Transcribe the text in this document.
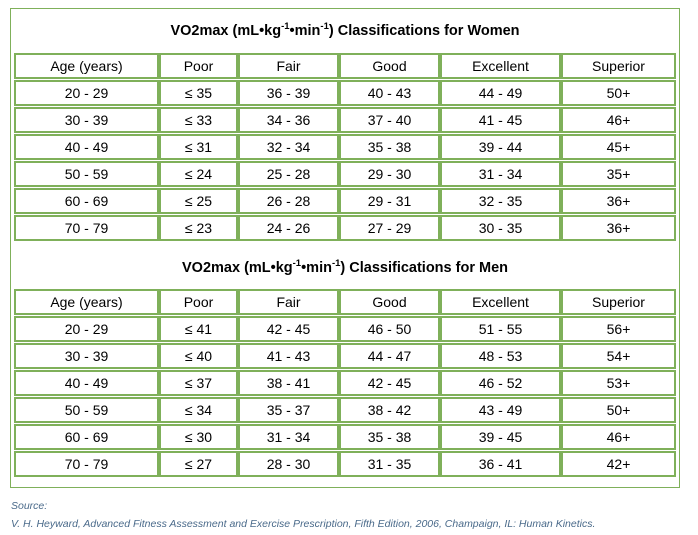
VO2max $(mL•kg^{-1}•\min^{-1})$ Classifications for Women
Age (years)	Poor	Fair	Good	Excellent	Superior
20 - 29	≤ 35	36 - 39	40 - 43	44 - 49	50+
30 - 39	≤ 33	34 - 36	37 - 40	41 - 45	46+
40 - 49	≤ 31	32 - 34	35 - 38	39 - 44	45+
50 - 59	≤ 24	25 - 28	29 - 30	31 - 34	35+
60 - 69	≤ 25	26 - 28	29 - 31	32 - 35	36+
70 - 79	≤ 23	24 - 26	27 - 29	30 - 35	36+
VO2max $(mL•kg^{-1}•\min^{-1})$ Classifications for Men
Age (years)	Poor	Fair	Good	Excellent	Superior
20 - 29	≤ 41	42 - 45	46 - 50	51 - 55	56+
30 - 39	≤ 40	41 - 43	44 - 47	48 - 53	54+
40 - 49	≤ 37	38 - 41	42 - 45	46 - 52	53+
50 - 59	≤ 34	35 - 37	38 - 42	43 - 49	50+
60 - 69	≤ 30	31 - 34	35 - 38	39 - 45	46+
70 - 79	≤ 27	28 - 30	31 - 35	36 - 41	42+
Source:
V. H. Heyward, Advanced Fitness Assessment and Exercise Prescription, Fifth Edition, 2006, Champaign, IL: Human Kinetics.
